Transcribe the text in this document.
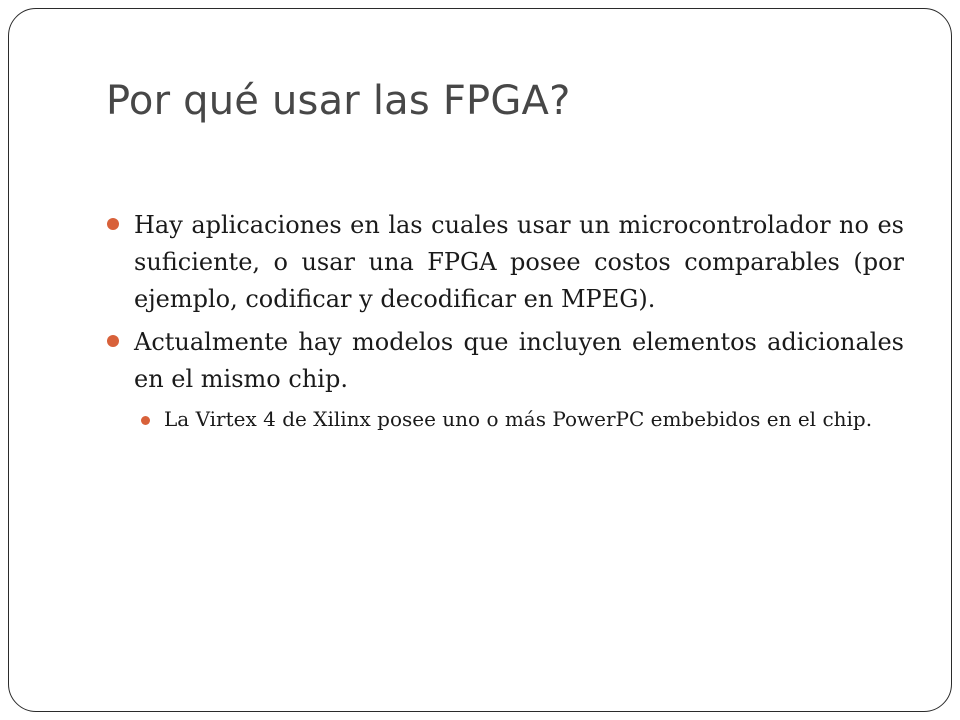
Por qué usar las FPGA?

Hay aplicaciones en las cuales usar un microcontrolador no es suficiente, o usar una FPGA posee costos comparables (por ejemplo, codificar y decodificar en MPEG).

Actualmente hay modelos que incluyen elementos adicionales en el mismo chip.

La Virtex 4 de Xilinx posee uno o más PowerPC embebidos en el chip.
